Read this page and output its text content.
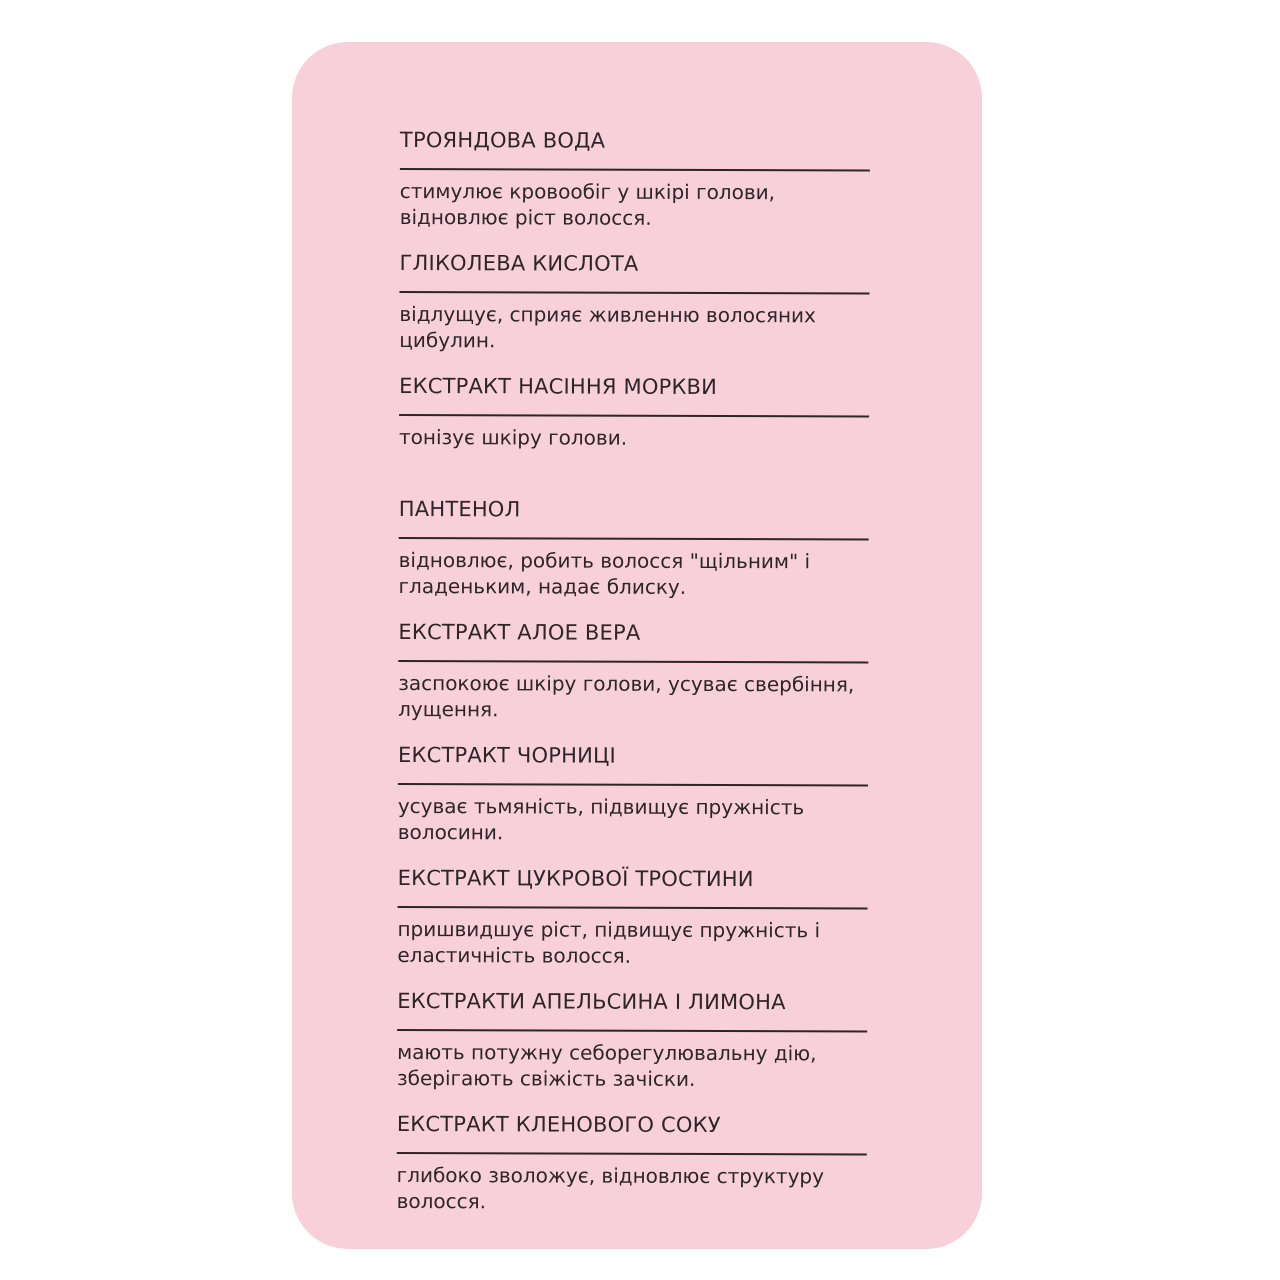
ТРОЯНДОВА ВОДА
стимулює кровообіг у шкірі голови, відновлює ріст волосся.
ГЛІКОЛЕВА КИСЛОТА
відлущує, сприяє живленню волосяних цибулин.
ЕКСТРАКТ НАСІННЯ МОРКВИ
тонізує шкіру голови.
ПАНТЕНОЛ
відновлює, робить волосся "щільним" і гладеньким, надає блиску.
ЕКСТРАКТ АЛОЕ ВЕРА
заспокоює шкіру голови, усуває свербіння, лущення.
ЕКСТРАКТ ЧОРНИЦІ
усуває тьмяність, підвищує пружність волосини.
ЕКСТРАКТ ЦУКРОВОЇ ТРОСТИНИ
пришвидшує ріст, підвищує пружність і еластичність волосся.
ЕКСТРАКТИ АПЕЛЬСИНА І ЛИМОНА
мають потужну себорегулювальну дію, зберігають свіжість зачіски.
ЕКСТРАКТ КЛЕНОВОГО СОКУ
глибоко зволожує, відновлює структуру волосся.
